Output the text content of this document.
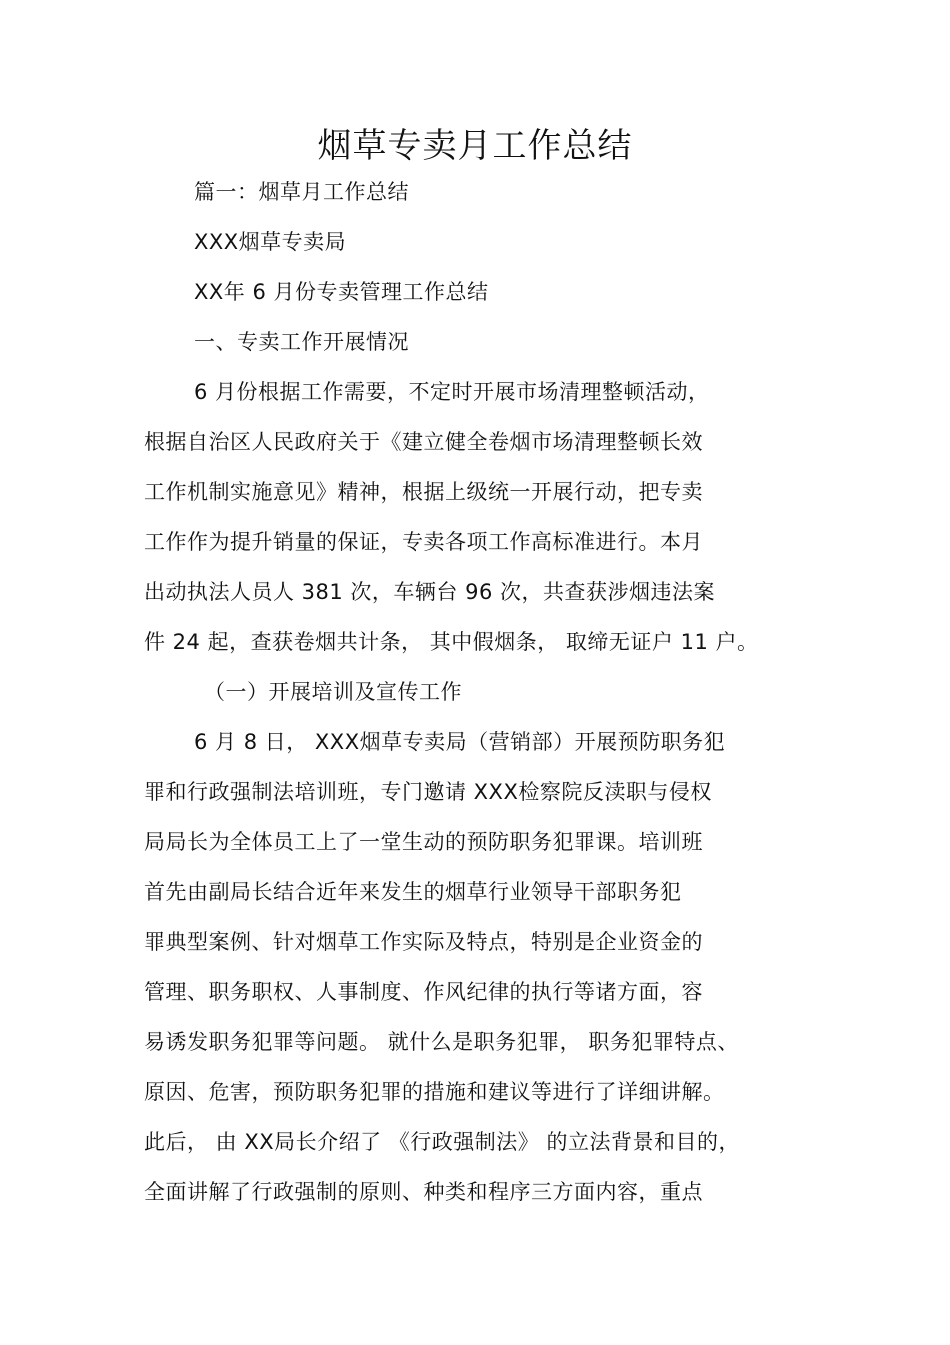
烟草专卖月工作总结
篇一：烟草月工作总结
XXX烟草专卖局
XX年 6 月份专卖管理工作总结
一、专卖工作开展情况
6 月份根据工作需要，不定时开展市场清理整顿活动，
根据自治区人民政府关于《建立健全卷烟市场清理整顿长效
工作机制实施意见》精神，根据上级统一开展行动，把专卖
工作作为提升销量的保证，专卖各项工作高标准进行。本月
出动执法人员人 381 次，车辆台 96 次，共查获涉烟违法案
件 24 起，查获卷烟共计条， 其中假烟条， 取缔无证户 11 户。
（一）开展培训及宣传工作
6 月 8 日， XXX烟草专卖局（营销部）开展预防职务犯
罪和行政强制法培训班，专门邀请 XXX检察院反渎职与侵权
局局长为全体员工上了一堂生动的预防职务犯罪课。培训班
首先由副局长结合近年来发生的烟草行业领导干部职务犯
罪典型案例、针对烟草工作实际及特点，特别是企业资金的
管理、职务职权、人事制度、作风纪律的执行等诸方面，容
易诱发职务犯罪等问题。 就什么是职务犯罪， 职务犯罪特点、
原因、危害，预防职务犯罪的措施和建议等进行了详细讲解。
此后， 由 XX局长介绍了 《行政强制法》 的立法背景和目的，
全面讲解了行政强制的原则、种类和程序三方面内容，重点
